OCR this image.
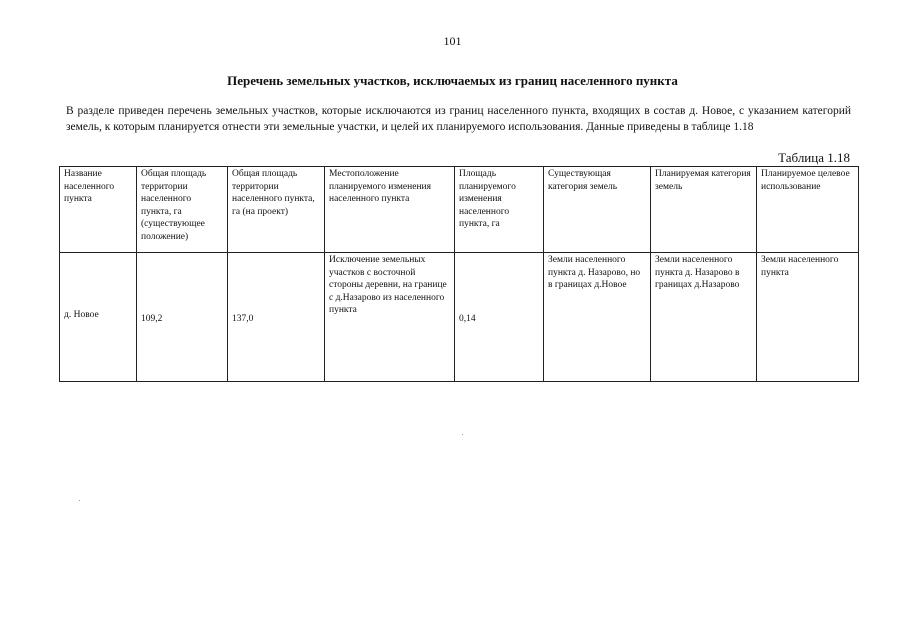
101
Перечень земельных участков, исключаемых из границ населенного пункта
В разделе приведен перечень земельных участков, которые исключаются из границ населенного пункта, входящих в состав д. Новое, с указанием категорий земель, к которым планируется отнести эти земельные участки, и целей их планируемого использования. Данные приведены в таблице 1.18
Таблица 1.18
Название населенного пункта	Общая площадь территории населенного пункта, га (существующее положение)	Общая площадь территории населенного пункта, га (на проект)	Местоположение планируемого изменения населенного пункта	Площадь планируемого изменения населенного пункта, га	Существующая категория земель	Планируемая категория земель	Планируемое целевое использование
д. Новое	109,2	137,0	Исключение земельных участков с восточной стороны деревни, на границе с д.Назарово из населенного пункта	0,14	Земли населенного пункта д. Назарово, но в границах д.Новое	Земли населенного пункта д. Назарово в границах д.Назарово	Земли населенного пункта
